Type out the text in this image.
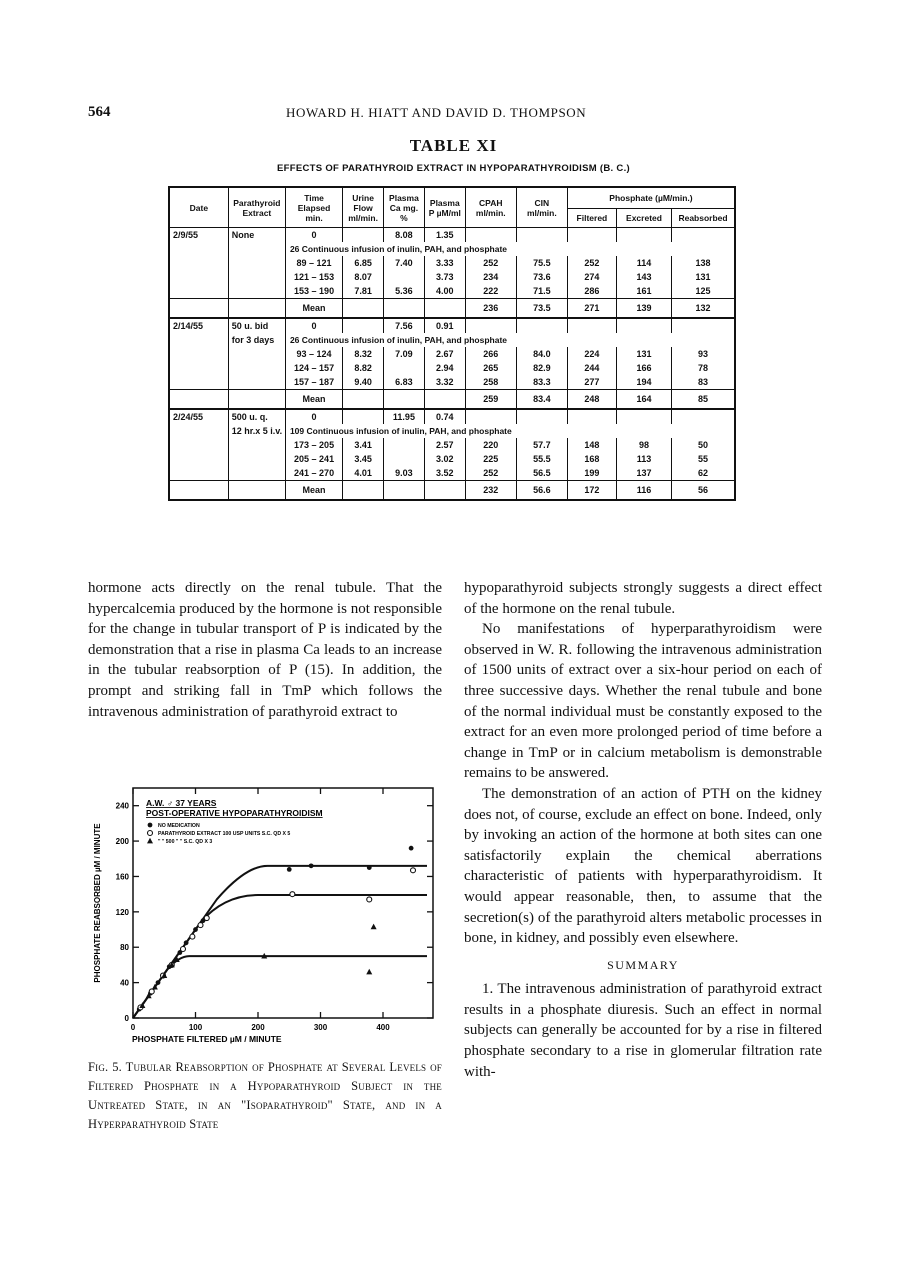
564	HOWARD H. HIATT AND DAVID D. THOMPSON
TABLE XI
EFFECTS OF PARATHYROID EXTRACT IN HYPOPARATHYROIDISM (B. C.)
Date	Parathyroid Extract	Time Elapsed min.	Urine Flow ml/min.	Plasma Ca mg. %	Plasma P µM/ml	CPAH ml/min.	CIN ml/min.	Phosphate (µM/min.)		
								Filtered	Excreted	Reabsorbed
2/9/55	None	0		8.08	1.35					
		26 Continuous infusion of inulin, PAH, and phosphate								
		89 – 121	6.85	7.40	3.33	252	75.5	252	114	138
		121 – 153	8.07		3.73	234	73.6	274	143	131
		153 – 190	7.81	5.36	4.00	222	71.5	286	161	125
		Mean				236	73.5	271	139	132
2/14/55	50 u. bid	0		7.56	0.91					
	for 3 days	26 Continuous infusion of inulin, PAH, and phosphate								
		93 – 124	8.32	7.09	2.67	266	84.0	224	131	93
		124 – 157	8.82		2.94	265	82.9	244	166	78
		157 – 187	9.40	6.83	3.32	258	83.3	277	194	83
		Mean				259	83.4	248	164	85
2/24/55	500 u. q.	0		11.95	0.74					
	12 hr.x 5 i.v.	109 Continuous infusion of inulin, PAH, and phosphate								
		173 – 205	3.41		2.57	220	57.7	148	98	50
		205 – 241	3.45		3.02	225	55.5	168	113	55
		241 – 270	4.01	9.03	3.52	252	56.5	199	137	62
		Mean				232	56.6	172	116	56
0	100	200	300	400
0
40
80
120
160
200
240
PHOSPHATE FILTERED µM / MINUTE
PHOSPHATE REABSORBED µM / MINUTE
A.W. ♂ 37 YEARS
POST-OPERATIVE HYPOPARATHYROIDISM
NO MEDICATION
PARATHYROID EXTRACT 100 USP UNITS S.C. QD X 5
" " 500 " " S.C. QD X 3
Fig. 5. Tubular Reabsorption of Phosphate at Several Levels of Filtered Phosphate in a Hypoparathyroid Subject in the Untreated State, in an "Isoparathyroid" State, and in a Hyperparathyroid State

hormone acts directly on the renal tubule. That the hypercalcemia produced by the hormone is not responsible for the change in tubular transport of P is indicated by the demonstration that a rise in plasma Ca leads to an increase in the tubular reabsorption of P (15). In addition, the prompt and striking fall in TmP which follows the intravenous administration of parathyroid extract to

hypoparathyroid subjects strongly suggests a direct effect of the hormone on the renal tubule.

No manifestations of hyperparathyroidism were observed in W. R. following the intravenous administration of 1500 units of extract over a six-hour period on each of three successive days. Whether the renal tubule and bone of the normal individual must be constantly exposed to the extract for an even more prolonged period of time before a change in TmP or in calcium metabolism is demonstrable remains to be answered.

The demonstration of an action of PTH on the kidney does not, of course, exclude an effect on bone. Indeed, only by invoking an action of the hormone at both sites can one satisfactorily explain the chemical aberrations characteristic of patients with hyperparathyroidism. It would appear reasonable, then, to assume that the secretion(s) of the parathyroid alters metabolic processes in bone, in kidney, and possibly even elsewhere.

SUMMARY

1. The intravenous administration of parathyroid extract results in a phosphate diuresis. Such an effect in normal subjects can generally be accounted for by a rise in filtered phosphate secondary to a rise in glomerular filtration rate with-
